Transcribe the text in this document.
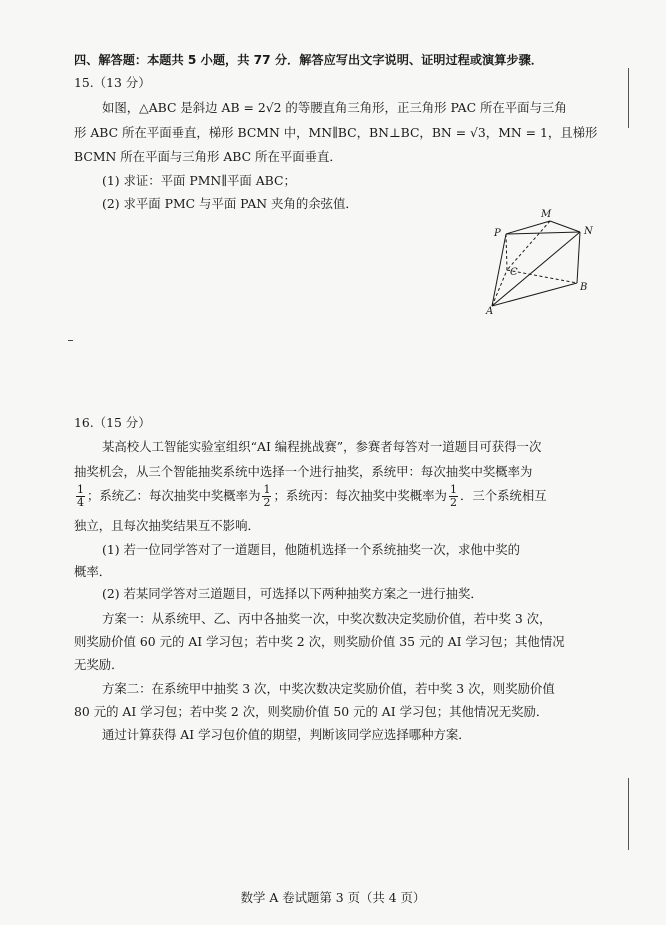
四、解答题：本题共 5 小题，共 77 分．解答应写出文字说明、证明过程或演算步骤．
15.（13 分）
如图，△ABC 是斜边 AB = 2√2 的等腰直角三角形，正三角形 PAC 所在平面与三角
形 ABC 所在平面垂直，梯形 BCMN 中，MN∥BC，BN⊥BC，BN = √3，MN = 1，且梯形
BCMN 所在平面与三角形 ABC 所在平面垂直．
(1) 求证：平面 PMN∥平面 ABC；
(2) 求平面 PMC 与平面 PAN 夹角的余弦值．
M
N
P
C
B
A
16.（15 分）
某高校人工智能实验室组织“AI 编程挑战赛”，参赛者每答对一道题目可获得一次
抽奖机会，从三个智能抽奖系统中选择一个进行抽奖，系统甲：每次抽奖中奖概率为
$\frac{1}{4}$ ；系统乙：每次抽奖中奖概率为 $\frac{1}{2}$ ；系统丙：每次抽奖中奖概率为 $\frac{1}{2}$ ．三个系统相互
独立，且每次抽奖结果互不影响．
(1) 若一位同学答对了一道题目，他随机选择一个系统抽奖一次，求他中奖的
概率．
(2) 若某同学答对三道题目，可选择以下两种抽奖方案之一进行抽奖．
方案一：从系统甲、乙、丙中各抽奖一次，中奖次数决定奖励价值，若中奖 3 次，
则奖励价值 60 元的 AI 学习包；若中奖 2 次，则奖励价值 35 元的 AI 学习包；其他情况
无奖励．
方案二：在系统甲中抽奖 3 次，中奖次数决定奖励价值，若中奖 3 次，则奖励价值
80 元的 AI 学习包；若中奖 2 次，则奖励价值 50 元的 AI 学习包；其他情况无奖励．
通过计算获得 AI 学习包价值的期望，判断该同学应选择哪种方案．
数学 A 卷试题第 3 页（共 4 页）
